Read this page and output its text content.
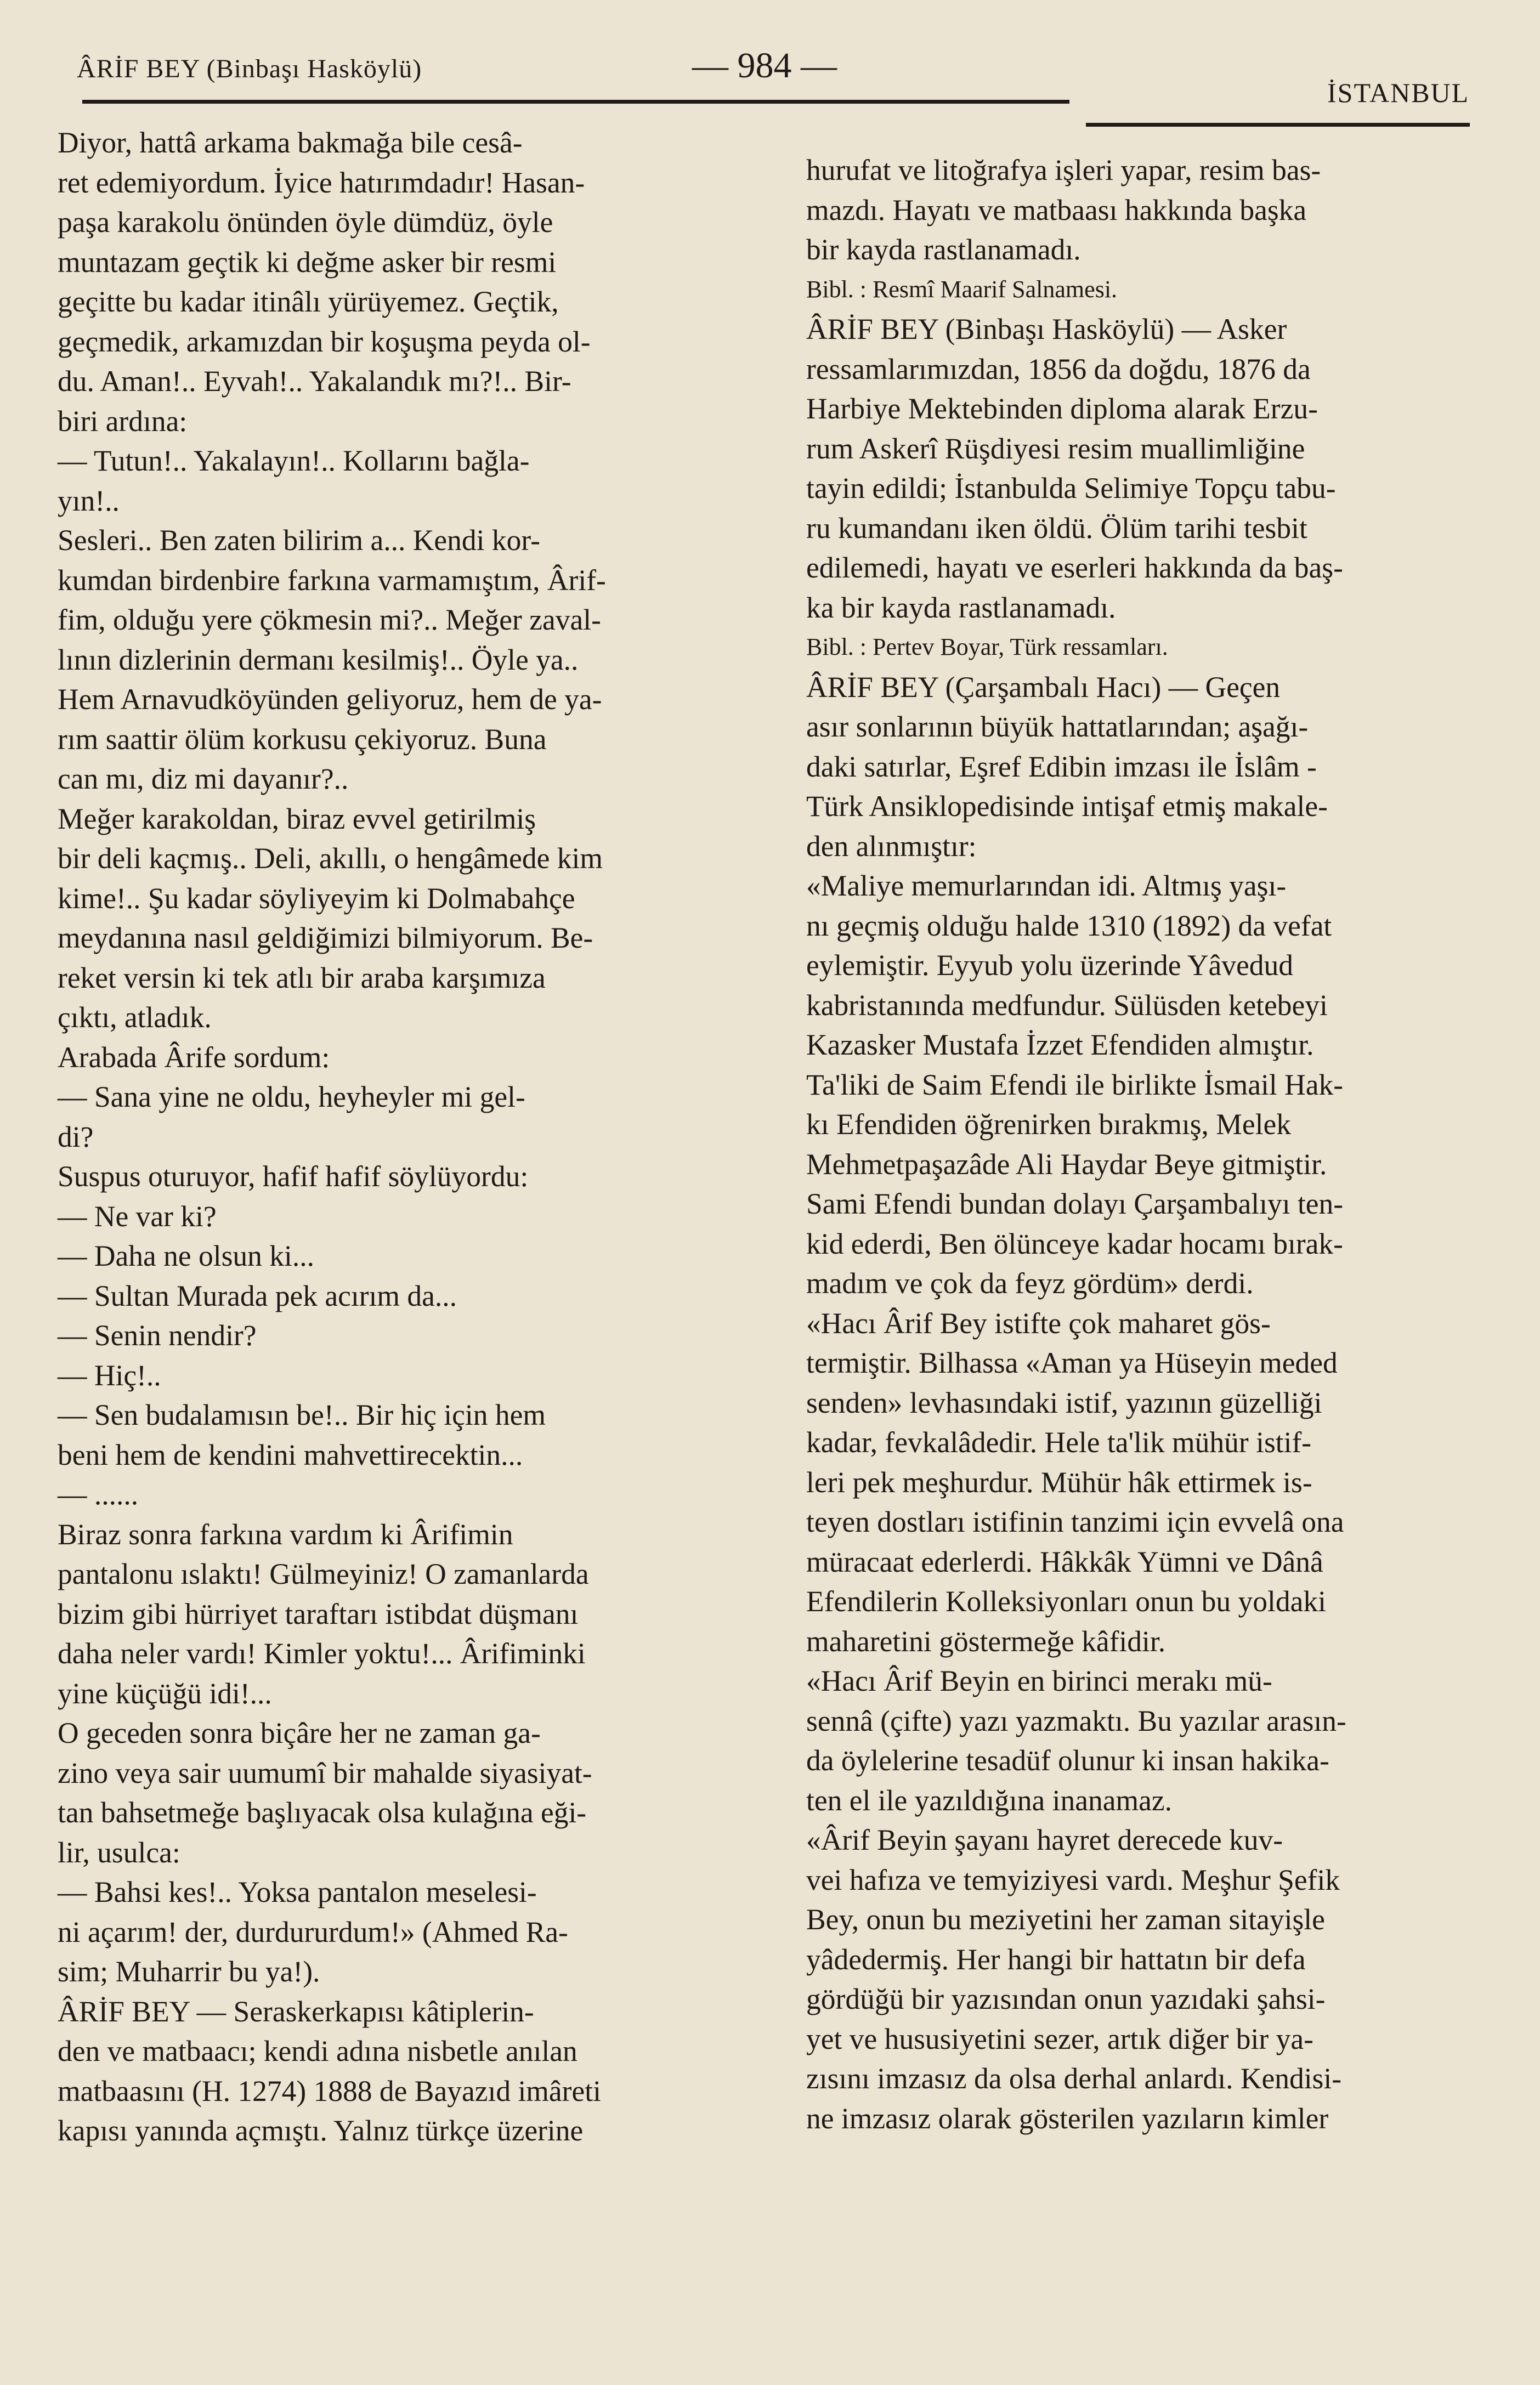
ÂRİF BEY (Binbaşı Hasköylü)	— 984 —
İSTANBUL
Diyor, hattâ arkama bakmağa bile cesâ-
ret edemiyordum. İyice hatırımdadır! Hasan-
paşa karakolu önünden öyle dümdüz, öyle
muntazam geçtik ki değme asker bir resmi
geçitte bu kadar itinâlı yürüyemez. Geçtik,
geçmedik, arkamızdan bir koşuşma peyda ol-
du. Aman!.. Eyvah!.. Yakalandık mı?!.. Bir-
biri ardına:
— Tutun!.. Yakalayın!.. Kollarını bağla-
yın!..
Sesleri.. Ben zaten bilirim a... Kendi kor-
kumdan birdenbire farkına varmamıştım, Ârif-
fim, olduğu yere çökmesin mi?.. Meğer zaval-
lının dizlerinin dermanı kesilmiş!.. Öyle ya..
Hem Arnavudköyünden geliyoruz, hem de ya-
rım saattir ölüm korkusu çekiyoruz. Buna
can mı, diz mi dayanır?..
Meğer karakoldan, biraz evvel getirilmiş
bir deli kaçmış.. Deli, akıllı, o hengâmede kim
kime!.. Şu kadar söyliyeyim ki Dolmabahçe
meydanına nasıl geldiğimizi bilmiyorum. Be-
reket versin ki tek atlı bir araba karşımıza
çıktı, atladık.
Arabada Ârife sordum:
— Sana yine ne oldu, heyheyler mi gel-
di?
Suspus oturuyor, hafif hafif söylüyordu:
— Ne var ki?
— Daha ne olsun ki...
— Sultan Murada pek acırım da...
— Senin nendir?
— Hiç!..
— Sen budalamısın be!.. Bir hiç için hem
beni hem de kendini mahvettirecektin...
— ......
Biraz sonra farkına vardım ki Ârifimin
pantalonu ıslaktı! Gülmeyiniz! O zamanlarda
bizim gibi hürriyet taraftarı istibdat düşmanı
daha neler vardı! Kimler yoktu!... Ârifiminki
yine küçüğü idi!...
O geceden sonra biçâre her ne zaman ga-
zino veya sair uumumî bir mahalde siyasiyat-
tan bahsetmeğe başlıyacak olsa kulağına eği-
lir, usulca:
— Bahsi kes!.. Yoksa pantalon meselesi-
ni açarım! der, durdururdum!» (Ahmed Ra-
sim; Muharrir bu ya!).
ÂRİF BEY — Seraskerkapısı kâtiplerin-
den ve matbaacı; kendi adına nisbetle anılan
matbaasını (H. 1274) 1888 de Bayazıd imâreti
kapısı yanında açmıştı. Yalnız türkçe üzerine
hurufat ve litoğrafya işleri yapar, resim bas-
mazdı. Hayatı ve matbaası hakkında başka
bir kayda rastlanamadı.
Bibl. : Resmî Maarif Salnamesi.
ÂRİF BEY (Binbaşı Hasköylü) — Asker
ressamlarımızdan, 1856 da doğdu, 1876 da
Harbiye Mektebinden diploma alarak Erzu-
rum Askerî Rüşdiyesi resim muallimliğine
tayin edildi; İstanbulda Selimiye Topçu tabu-
ru kumandanı iken öldü. Ölüm tarihi tesbit
edilemedi, hayatı ve eserleri hakkında da baş-
ka bir kayda rastlanamadı.
Bibl. : Pertev Boyar, Türk ressamları.
ÂRİF BEY (Çarşambalı Hacı) — Geçen
asır sonlarının büyük hattatlarından; aşağı-
daki satırlar, Eşref Edibin imzası ile İslâm -
Türk Ansiklopedisinde intişaf etmiş makale-
den alınmıştır:
«Maliye memurlarından idi. Altmış yaşı-
nı geçmiş olduğu halde 1310 (1892) da vefat
eylemiştir. Eyyub yolu üzerinde Yâvedud
kabristanında medfundur. Sülüsden ketebeyi
Kazasker Mustafa İzzet Efendiden almıştır.
Ta'liki de Saim Efendi ile birlikte İsmail Hak-
kı Efendiden öğrenirken bırakmış, Melek
Mehmetpaşazâde Ali Haydar Beye gitmiştir.
Sami Efendi bundan dolayı Çarşambalıyı ten-
kid ederdi, Ben ölünceye kadar hocamı bırak-
madım ve çok da feyz gördüm» derdi.
«Hacı Ârif Bey istifte çok maharet gös-
termiştir. Bilhassa «Aman ya Hüseyin meded
senden» levhasındaki istif, yazının güzelliği
kadar, fevkalâdedir. Hele ta'lik mühür istif-
leri pek meşhurdur. Mühür hâk ettirmek is-
teyen dostları istifinin tanzimi için evvelâ ona
müracaat ederlerdi. Hâkkâk Yümni ve Dânâ
Efendilerin Kolleksiyonları onun bu yoldaki
maharetini göstermeğe kâfidir.
«Hacı Ârif Beyin en birinci merakı mü-
sennâ (çifte) yazı yazmaktı. Bu yazılar arasın-
da öylelerine tesadüf olunur ki insan hakika-
ten el ile yazıldığına inanamaz.
«Ârif Beyin şayanı hayret derecede kuv-
vei hafıza ve temyiziyesi vardı. Meşhur Şefik
Bey, onun bu meziyetini her zaman sitayişle
yâdedermiş. Her hangi bir hattatın bir defa
gördüğü bir yazısından onun yazıdaki şahsi-
yet ve hususiyetini sezer, artık diğer bir ya-
zısını imzasız da olsa derhal anlardı. Kendisi-
ne imzasız olarak gösterilen yazıların kimler
